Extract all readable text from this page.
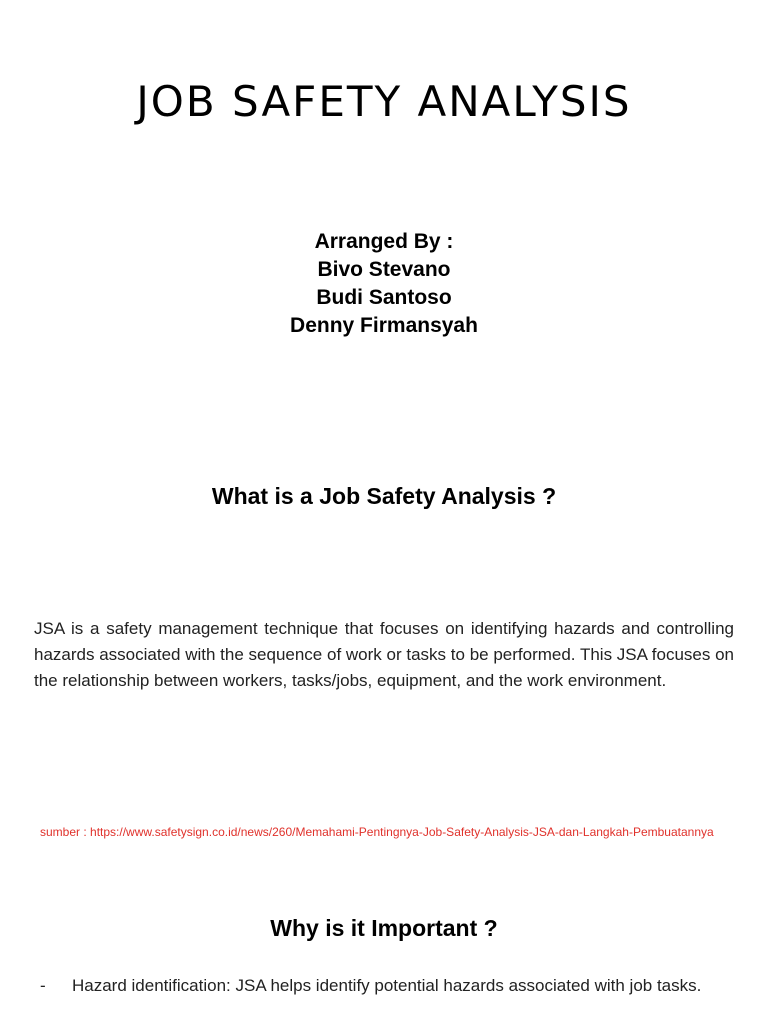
JOB SAFETY ANALYSIS
Arranged By :
Bivo Stevano
Budi Santoso
Denny Firmansyah
What is a Job Safety Analysis ?

JSA is a safety management technique that focuses on identifying hazards and controlling hazards associated with the sequence of work or tasks to be performed. This JSA focuses on the relationship between workers, tasks/jobs, equipment, and the work environment.

sumber : https://www.safetysign.co.id/news/260/Memahami-Pentingnya-Job-Safety-Analysis-JSA-dan-Langkah-Pembuatannya

Why is it Important ?
-	Hazard identification: JSA helps identify potential hazards associated with job tasks.
